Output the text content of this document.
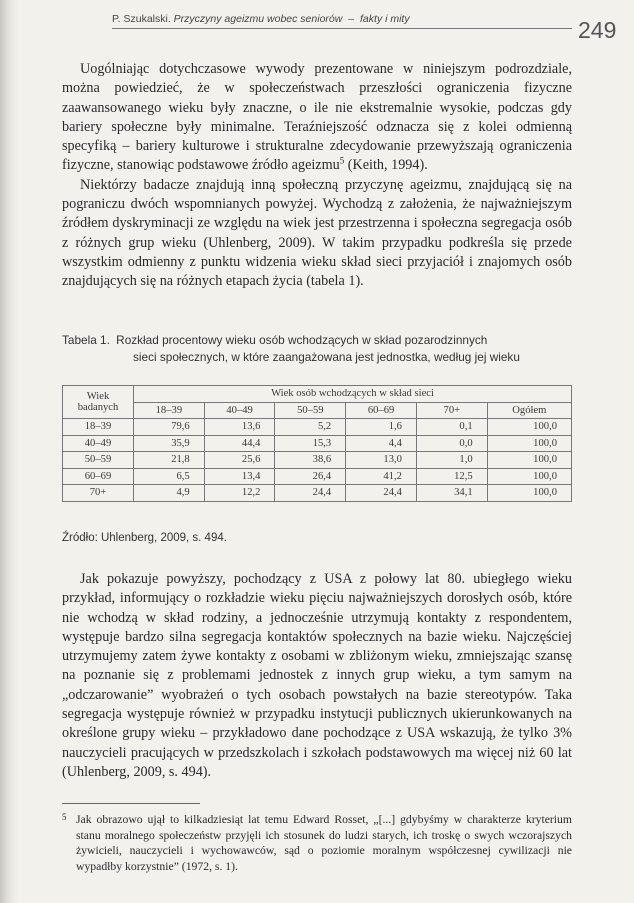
P. Szukalski. Przyczyny ageizmu wobec seniorów – fakty i mity	249

Uogólniając dotychczasowe wywody prezentowane w niniejszym podrozdziale, można powiedzieć, że w społeczeństwach przeszłości ograniczenia fizyczne zaawansowanego wieku były znaczne, o ile nie ekstremalnie wysokie, podczas gdy bariery społeczne były minimalne. Teraźniejszość odznacza się z kolei odmienną specyfiką – bariery kulturowe i strukturalne zdecydowanie przewyższają ograniczenia fizyczne, stanowiąc podstawowe źródło ageizmu$^5$ (Keith, 1994).

Niektórzy badacze znajdują inną społeczną przyczynę ageizmu, znajdującą się na pograniczu dwóch wspomnianych powyżej. Wychodzą z założenia, że najważniejszym źródłem dyskryminacji ze względu na wiek jest przestrzenna i społeczna segregacja osób z różnych grup wieku (Uhlenberg, 2009). W takim przypadku podkreśla się przede wszystkim odmienny z punktu widzenia wieku skład sieci przyjaciół i znajomych osób znajdujących się na różnych etapach życia (tabela 1).

Tabela 1. Rozkład procentowy wieku osób wchodzących w skład pozarodzinnych
sieci społecznych, w które zaangażowana jest jednostka, według jej wieku
Wiek badanych	Wiek osób wchodzących w skład sieci					
	18–39	40–49	50–59	60–69	70+	Ogółem
18–39	79,6	13,6	5,2	1,6	0,1	100,0
40–49	35,9	44,4	15,3	4,4	0,0	100,0
50–59	21,8	25,6	38,6	13,0	1,0	100,0
60–69	6,5	13,4	26,4	41,2	12,5	100,0
70+	4,9	12,2	24,4	24,4	34,1	100,0
Źródło: Uhlenberg, 2009, s. 494.

Jak pokazuje powyższy, pochodzący z USA z połowy lat 80. ubiegłego wieku przykład, informujący o rozkładzie wieku pięciu najważniejszych dorosłych osób, które nie wchodzą w skład rodziny, a jednocześnie utrzymują kontakty z respondentem, występuje bardzo silna segregacja kontaktów społecznych na bazie wieku. Najczęściej utrzymujemy zatem żywe kontakty z osobami w zbliżonym wieku, zmniejszając szansę na poznanie się z problemami jednostek z innych grup wieku, a tym samym na „odczarowanie” wyobrażeń o tych osobach powstałych na bazie stereotypów. Taka segregacja występuje również w przypadku instytucji publicznych ukierunkowanych na określone grupy wieku – przykładowo dane pochodzące z USA wskazują, że tylko 3% nauczycieli pracujących w przedszkolach i szkołach podstawowych ma więcej niż 60 lat (Uhlenberg, 2009, s. 494).

5 Jak obrazowo ujął to kilkadziesiąt lat temu Edward Rosset, „[...] gdybyśmy w charakterze kryterium stanu moralnego społeczeństw przyjęli ich stosunek do ludzi starych, ich troskę o swych wczorajszych żywicieli, nauczycieli i wychowawców, sąd o poziomie moralnym współczesnej cywilizacji nie wypadłby korzystnie” (1972, s. 1).
